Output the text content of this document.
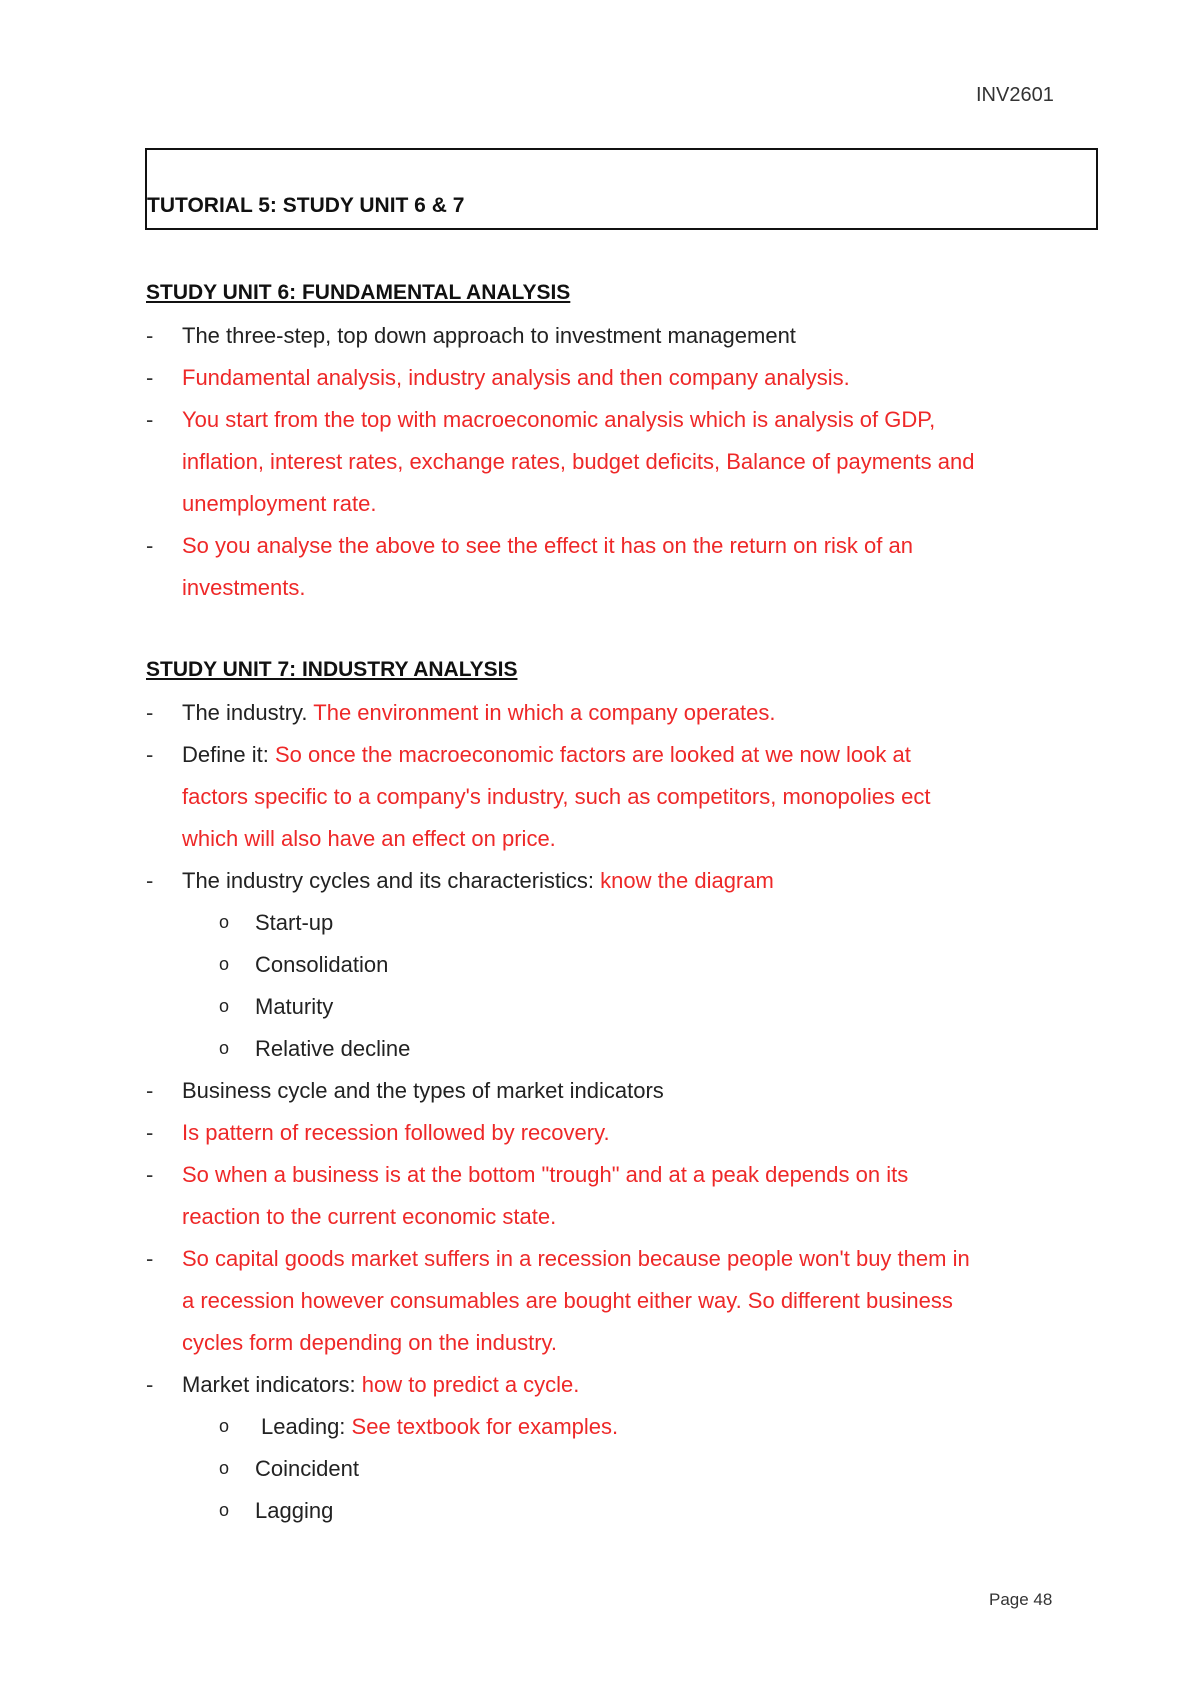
INV2601
TUTORIAL 5: STUDY UNIT 6 & 7
STUDY UNIT 6: FUNDAMENTAL ANALYSIS
- The three-step, top down approach to investment management
- Fundamental analysis, industry analysis and then company analysis.
- You start from the top with macroeconomic analysis which is analysis of GDP,
inflation, interest rates, exchange rates, budget deficits, Balance of payments and
unemployment rate.
- So you analyse the above to see the effect it has on the return on risk of an
investments.
STUDY UNIT 7: INDUSTRY ANALYSIS
- The industry. The environment in which a company operates.
- Define it: So once the macroeconomic factors are looked at we now look at
factors specific to a company's industry, such as competitors, monopolies ect
which will also have an effect on price.
- The industry cycles and its characteristics: know the diagram
o Start-up
o Consolidation
o Maturity
o Relative decline
- Business cycle and the types of market indicators
- Is pattern of recession followed by recovery.
- So when a business is at the bottom "trough" and at a peak depends on its
reaction to the current economic state.
- So capital goods market suffers in a recession because people won't buy them in
a recession however consumables are bought either way. So different business
cycles form depending on the industry.
- Market indicators: how to predict a cycle.
o Leading: See textbook for examples.
o Coincident
o Lagging
Page 48
